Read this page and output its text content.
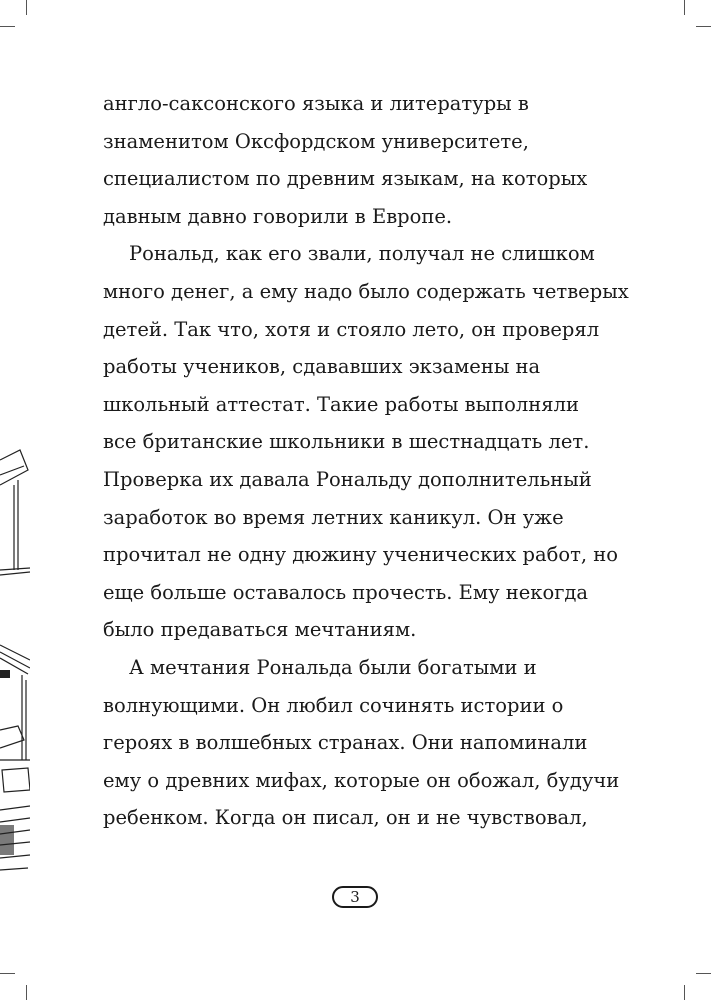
англо-саксонского языка и литературы в
знаменитом Оксфордском университете,
специалистом по древним языкам, на которых
давным давно говорили в Европе.
Рональд, как его звали, получал не слишком
много денег, а ему надо было содержать четверых
детей. Так что, хотя и стояло лето, он проверял
работы учеников, сдававших экзамены на
школьный аттестат. Такие работы выполняли
все британские школьники в шестнадцать лет.
Проверка их давала Рональду дополнительный
заработок во время летних каникул. Он уже
прочитал не одну дюжину ученических работ, но
еще больше оставалось прочесть. Ему некогда
было предаваться мечтаниям.
А мечтания Рональда были богатыми и
волнующими. Он любил сочинять истории о
героях в волшебных странах. Они напоминали
ему о древних мифах, которые он обожал, будучи
ребенком. Когда он писал, он и не чувствовал,
3
